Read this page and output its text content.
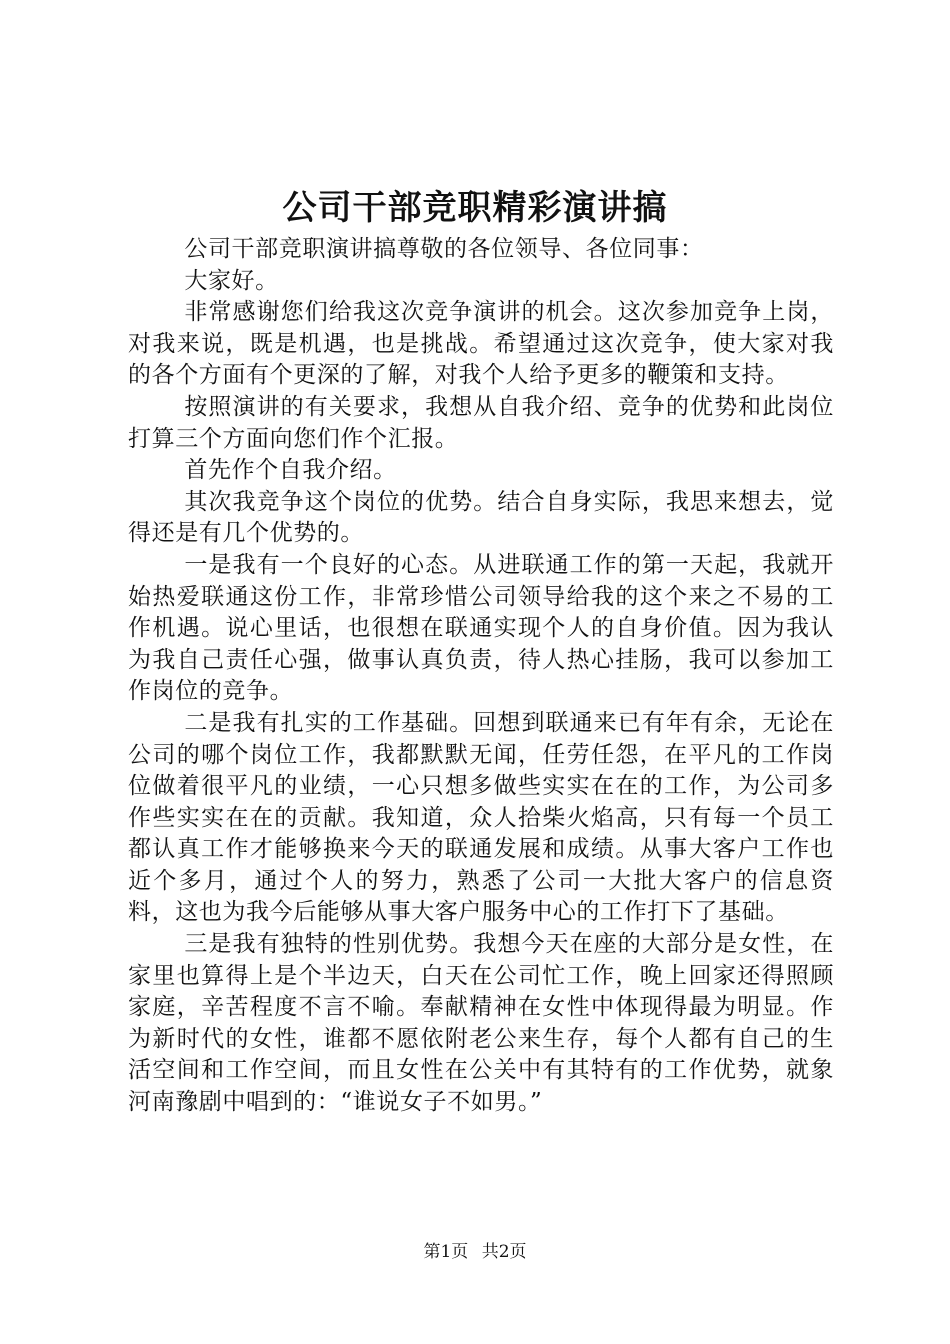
公司干部竞职精彩演讲搞

公司干部竞职演讲搞尊敬的各位领导、各位同事：

大家好。

非常感谢您们给我这次竞争演讲的机会。这次参加竞争上岗，对我来说，既是机遇，也是挑战。希望通过这次竞争，使大家对我的各个方面有个更深的了解，对我个人给予更多的鞭策和支持。

按照演讲的有关要求，我想从自我介绍、竞争的优势和此岗位打算三个方面向您们作个汇报。

首先作个自我介绍。

其次我竞争这个岗位的优势。结合自身实际，我思来想去，觉得还是有几个优势的。

一是我有一个良好的心态。从进联通工作的第一天起，我就开始热爱联通这份工作，非常珍惜公司领导给我的这个来之不易的工作机遇。说心里话，也很想在联通实现个人的自身价值。因为我认为我自己责任心强，做事认真负责，待人热心挂肠，我可以参加工作岗位的竞争。

二是我有扎实的工作基础。回想到联通来已有年有余，无论在公司的哪个岗位工作，我都默默无闻，任劳任怨，在平凡的工作岗位做着很平凡的业绩，一心只想多做些实实在在的工作，为公司多作些实实在在的贡献。我知道，众人拾柴火焰高，只有每一个员工都认真工作才能够换来今天的联通发展和成绩。从事大客户工作也近个多月，通过个人的努力，熟悉了公司一大批大客户的信息资料，这也为我今后能够从事大客户服务中心的工作打下了基础。

三是我有独特的性别优势。我想今天在座的大部分是女性，在家里也算得上是个半边天，白天在公司忙工作，晚上回家还得照顾家庭，辛苦程度不言不喻。奉献精神在女性中体现得最为明显。作为新时代的女性，谁都不愿依附老公来生存，每个人都有自己的生活空间和工作空间，而且女性在公关中有其特有的工作优势，就象河南豫剧中唱到的：“谁说女子不如男。”

第1页 共2页
